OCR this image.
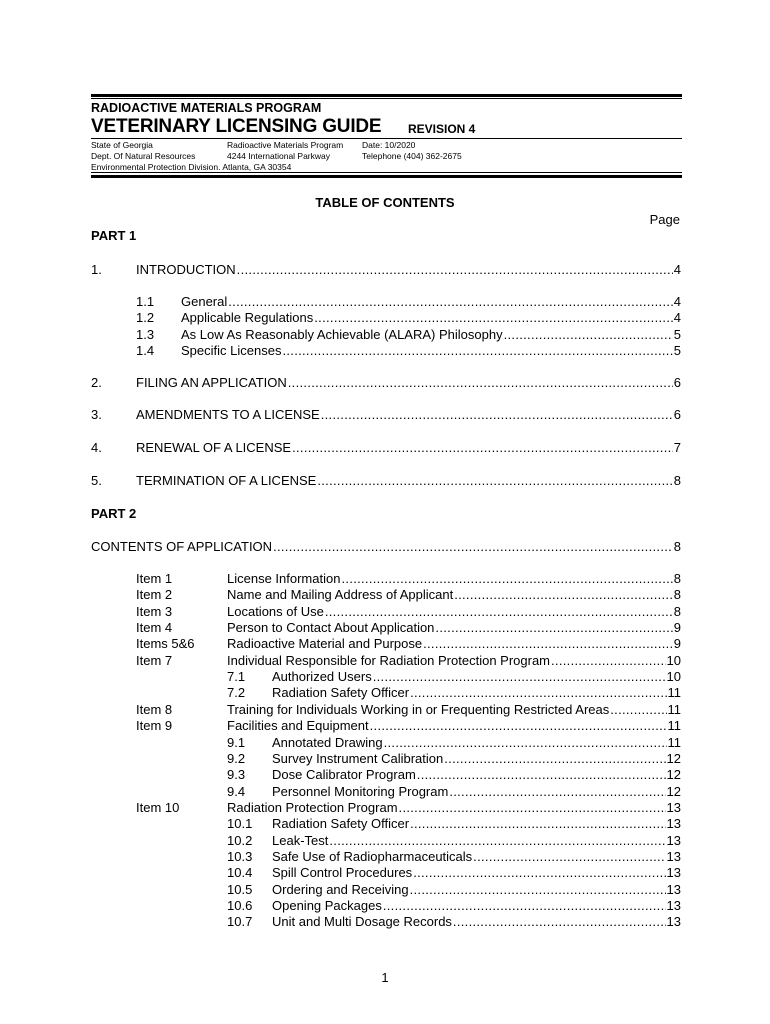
RADIOACTIVE MATERIALS PROGRAM
VETERINARY LICENSING GUIDE REVISION 4
State of Georgia
Dept. Of Natural Resources
Environmental Protection Division. Atlanta, GA 30354
Radioactive Materials Program
4244 International Parkway
Date: 10/2020
Telephone (404) 362-2675
TABLE OF CONTENTS
Page
PART 1
1.	INTRODUCTION .....	4
1.1 General .....	4
1.2 Applicable Regulations .....	4
1.3 As Low As Reasonably Achievable (ALARA) Philosophy .....	5
1.4 Specific Licenses .....	5
2.	FILING AN APPLICATION .....	6
3.	AMENDMENTS TO A LICENSE .....	6
4.	RENEWAL OF A LICENSE .....	7
5.	TERMINATION OF A LICENSE .....	8
PART 2
CONTENTS OF APPLICATION .....	8
Item 1	License Information .....	8
Item 2	Name and Mailing Address of Applicant .....	8
Item 3	Locations of Use .....	8
Item 4	Person to Contact About Application .....	9
Items 5&6 Radioactive Material and Purpose .....	9
Item 7	Individual Responsible for Radiation Protection Program .....	10
7.1 Authorized Users .....	10
7.2 Radiation Safety Officer .....	11
Item 8	Training for Individuals Working in or Frequenting Restricted Areas .....	11
Item 9	Facilities and Equipment .....	11
9.1 Annotated Drawing .....	11
9.2 Survey Instrument Calibration .....	12
9.3 Dose Calibrator Program .....	12
9.4 Personnel Monitoring Program .....	12
Item 10	Radiation Protection Program .....	13
10.1 Radiation Safety Officer .....	13
10.2 Leak-Test .....	13
10.3 Safe Use of Radiopharmaceuticals .....	13
10.4 Spill Control Procedures .....	13
10.5 Ordering and Receiving .....	13
10.6 Opening Packages .....	13
10.7 Unit and Multi Dosage Records .....	13
1
